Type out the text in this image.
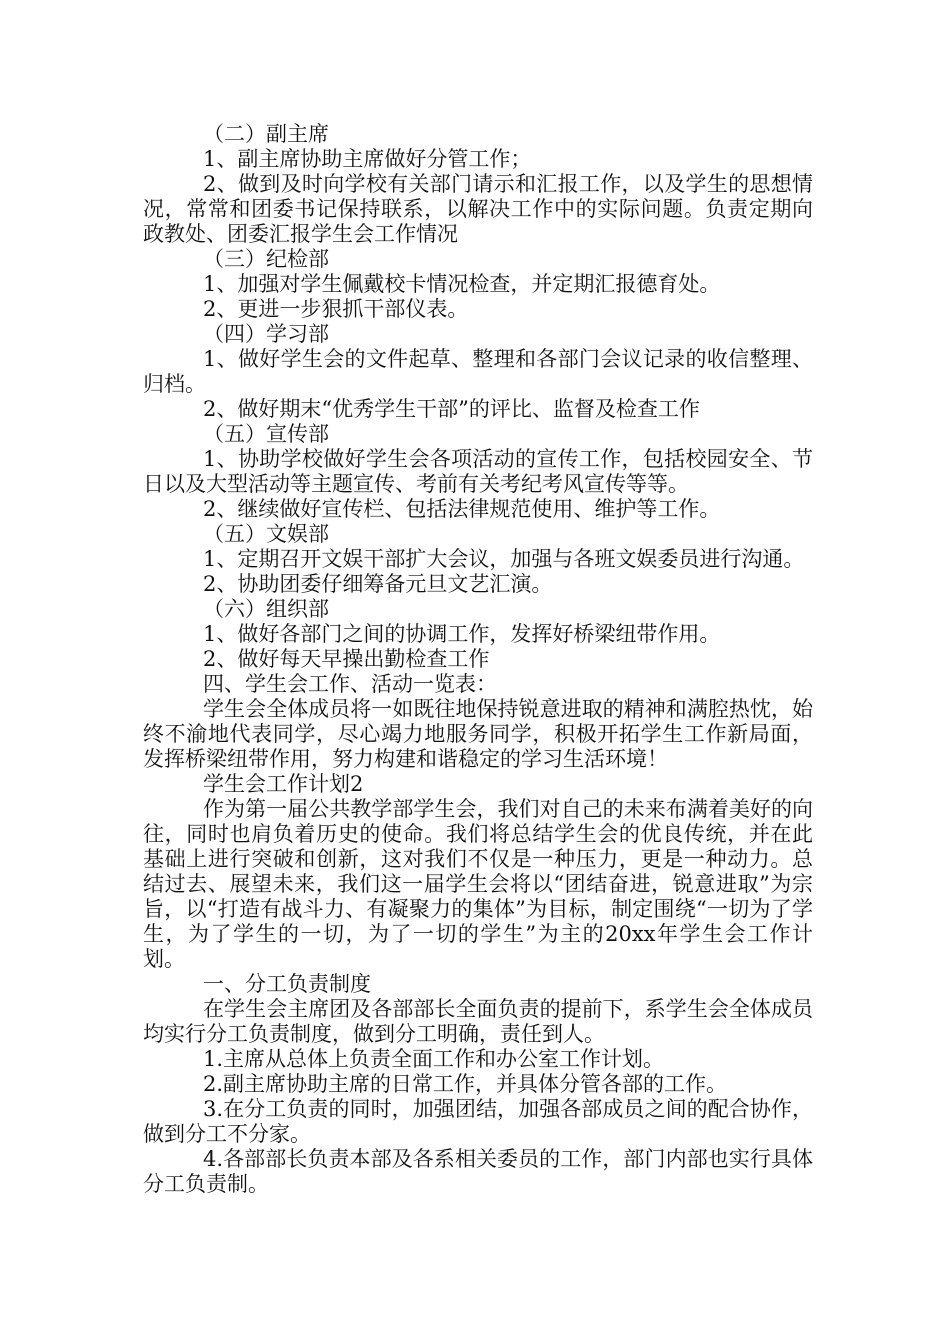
（二）副主席

1、副主席协助主席做好分管工作；

2、做到及时向学校有关部门请示和汇报工作，以及学生的思想情况，常常和团委书记保持联系，以解决工作中的实际问题。负责定期向政教处、团委汇报学生会工作情况

（三）纪检部

1、加强对学生佩戴校卡情况检查，并定期汇报德育处。

2、更进一步狠抓干部仪表。

（四）学习部

1、做好学生会的文件起草、整理和各部门会议记录的收信整理、归档。

2、做好期末“优秀学生干部”的评比、监督及检查工作

（五）宣传部

1、协助学校做好学生会各项活动的宣传工作，包括校园安全、节日以及大型活动等主题宣传、考前有关考纪考风宣传等等。

2、继续做好宣传栏、包括法律规范使用、维护等工作。

（五）文娱部

1、定期召开文娱干部扩大会议，加强与各班文娱委员进行沟通。

2、协助团委仔细筹备元旦文艺汇演。

（六）组织部

1、做好各部门之间的协调工作，发挥好桥梁纽带作用。

2、做好每天早操出勤检查工作

四、学生会工作、活动一览表：

学生会全体成员将一如既往地保持锐意进取的精神和满腔热忱，始终不渝地代表同学，尽心竭力地服务同学，积极开拓学生工作新局面，发挥桥梁纽带作用，努力构建和谐稳定的学习生活环境！

学生会工作计划2

作为第一届公共教学部学生会，我们对自己的未来布满着美好的向往，同时也肩负着历史的使命。我们将总结学生会的优良传统，并在此基础上进行突破和创新，这对我们不仅是一种压力，更是一种动力。总结过去、展望未来，我们这一届学生会将以“团结奋进，锐意进取”为宗旨，以“打造有战斗力、有凝聚力的集体”为目标，制定围绕“一切为了学生，为了学生的一切，为了一切的学生”为主的20xx年学生会工作计划。

一、分工负责制度

在学生会主席团及各部部长全面负责的提前下，系学生会全体成员均实行分工负责制度，做到分工明确，责任到人。

1.主席从总体上负责全面工作和办公室工作计划。

2.副主席协助主席的日常工作，并具体分管各部的工作。

3.在分工负责的同时，加强团结，加强各部成员之间的配合协作，做到分工不分家。

4.各部部长负责本部及各系相关委员的工作，部门内部也实行具体分工负责制。
